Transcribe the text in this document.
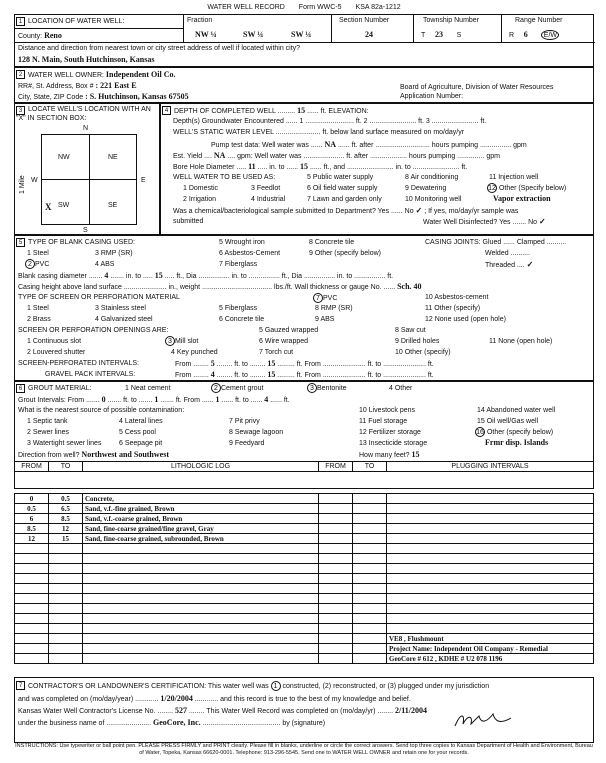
WATER WELL RECORD Form WWC-5 KSA 82a-1212
1 LOCATION OF WATER WELL:
County: Reno
Fraction
NW ¼	SW ¼	SW ¼
Section Number
24
Township Number
T 23 S
Range Number
R 6 E/W
Distance and direction from nearest town or city street address of well if located within city?
128 N. Main, South Hutchinson, Kansas
2 WATER WELL OWNER: Independent Oil Co.
RR#, St. Address, Box # : 221 East E
City, State, ZIP Code : S. Hutchinson, Kansas 67505
Board of Agriculture, Division of Water Resources
Application Number:
3 LOCATE WELL'S LOCATION WITH AN "X" IN SECTION BOX:
N
S
W	E
1 Mile
NW	NE
SW	SE
X
4 DEPTH OF COMPLETED WELL ......... 15 ...... ft. ELEVATION:
Depth(s) Groundwater Encountered ...... 1 ......................... ft. 2 ........................ ft. 3 ........................ ft.
WELL'S STATIC WATER LEVEL ....................... ft. below land surface measured on mo/day/yr
Pump test data: Well water was ...... NA ...... ft. after ............................ hours pumping ................ gpm
Est. Yield .... NA .... gpm: Well water was ..................... ft. after ................... hours pumping .............. gpm
Bore Hole Diameter ..... 11 ..... in. to ...... 15 ...... ft., and ........................ in. to ........................ ft.
WELL WATER TO BE USED AS:
1 Domestic
2 Irrigation
3 Feedlot
4 Industrial
5 Public water supply
6 Oil field water supply
7 Lawn and garden only
8 Air conditioning
9 Dewatering
10 Monitoring well
11 Injection well
12 Other (Specify below)
Vapor extraction
Was a chemical/bacteriological sample submitted to Department? Yes ...... No ✓ ; If yes, mo/day/yr sample was
submitted	Water Well Disinfected? Yes ....... No ✓
5 TYPE OF BLANK CASING USED:
1 Steel
2 PVC
3 RMP (SR)
4 ABS
5 Wrought iron
6 Asbestos-Cement
7 Fiberglass
8 Concrete tile
9 Other (specify below)
CASING JOINTS: Glued ...... Clamped ..........
Welded ..........
Threaded .... ✓
Blank casing diameter ....... 4 ....... in. to ..... 15 ..... ft., Dia ................ in. to ................ ft., Dia ................ in. to ................ ft.
Casing height above land surface ...................... in., weight .................................... lbs./ft. Wall thickness or gauge No. ...... Sch. 40
TYPE OF SCREEN OR PERFORATION MATERIAL
1 Steel
2 Brass
3 Stainless steel
4 Galvanized steel
5 Fiberglass
6 Concrete tile
7 PVC
8 RMP (SR)
9 ABS
10 Asbestos-cement
11 Other (specify)
12 None used (open hole)
SCREEN OR PERFORATION OPENINGS ARE:
1 Continuous slot
2 Louvered shutter
3 Mill slot
4 Key punched
5 Gauzed wrapped
6 Wire wrapped
7 Torch cut
8 Saw cut
9 Drilled holes
10 Other (specify)
11 None (open hole)
SCREEN-PERFORATED INTERVALS:	From ........ 5 ........ ft. to ........ 15 ......... ft. From ...................... ft. to ...................... ft.
GRAVEL PACK INTERVALS:	From ........ 4 ........ ft. to ........ 15 ......... ft. From ...................... ft. to ...................... ft.
6 GROUT MATERIAL:	1 Neat cement	2 Cement grout	3 Bentonite	4 Other
Grout Intervals: From ....... 0 ....... ft. to ....... 1 ....... ft. From ...... 1 ...... ft. to ...... 4 ...... ft.
What is the nearest source of possible contamination:
1 Septic tank
2 Sewer lines
3 Watertight sewer lines
4 Lateral lines
5 Cess pool
6 Seepage pit
7 Pit privy
8 Sewage lagoon
9 Feedyard
10 Livestock pens
11 Fuel storage
12 Fertilizer storage
13 Insecticide storage
14 Abandoned water well
15 Oil well/Gas well
16 Other (specify below)
Frmr disp. Islands
Direction from well? Northwest and Southwest	How many feet? 15
FROM	TO	LITHOLOGIC LOG	FROM	TO	PLUGGING INTERVALS
0	0.5	Concrete,			
0.5	6.5	Sand, v.f.-fine grained, Brown			
6	8.5	Sand, v.f.-coarse grained, Brown			
8.5	12	Sand, fine-coarse grained/fine gravel, Gray			
12	15	Sand, fine-coarse grained, subrounded, Brown			

					VE8 , Flushmount
					Project Name: Independent Oil Company - Remedial
					GeoCore # 612 , KDHE # U2 078 1196
7 CONTRACTOR'S OR LANDOWNER'S CERTIFICATION: This water well was 1 constructed, (2) reconstructed, or (3) plugged under my jurisdiction
and was completed on (mo/day/year) ............ 1/20/2004 ............ and this record is true to the best of my knowledge and belief.
Kansas Water Well Contractor's License No. ........ 527 ........ This Water Well Record was completed on (mo/day/yr) ........ 2/11/2004
under the business name of ....................... GeoCore, Inc. ........................................ by (signature)
INSTRUCTIONS: Use typewriter or ball point pen. PLEASE PRESS FIRMLY and PRINT clearly. Please fill in blanks, underline or circle the correct answers. Send top three copies to Kansas Department of Health and Environment, Bureau of Water, Topeka, Kansas 66620-0001. Telephone: 913-296-5545. Send one to WATER WELL OWNER and retain one for your records.
